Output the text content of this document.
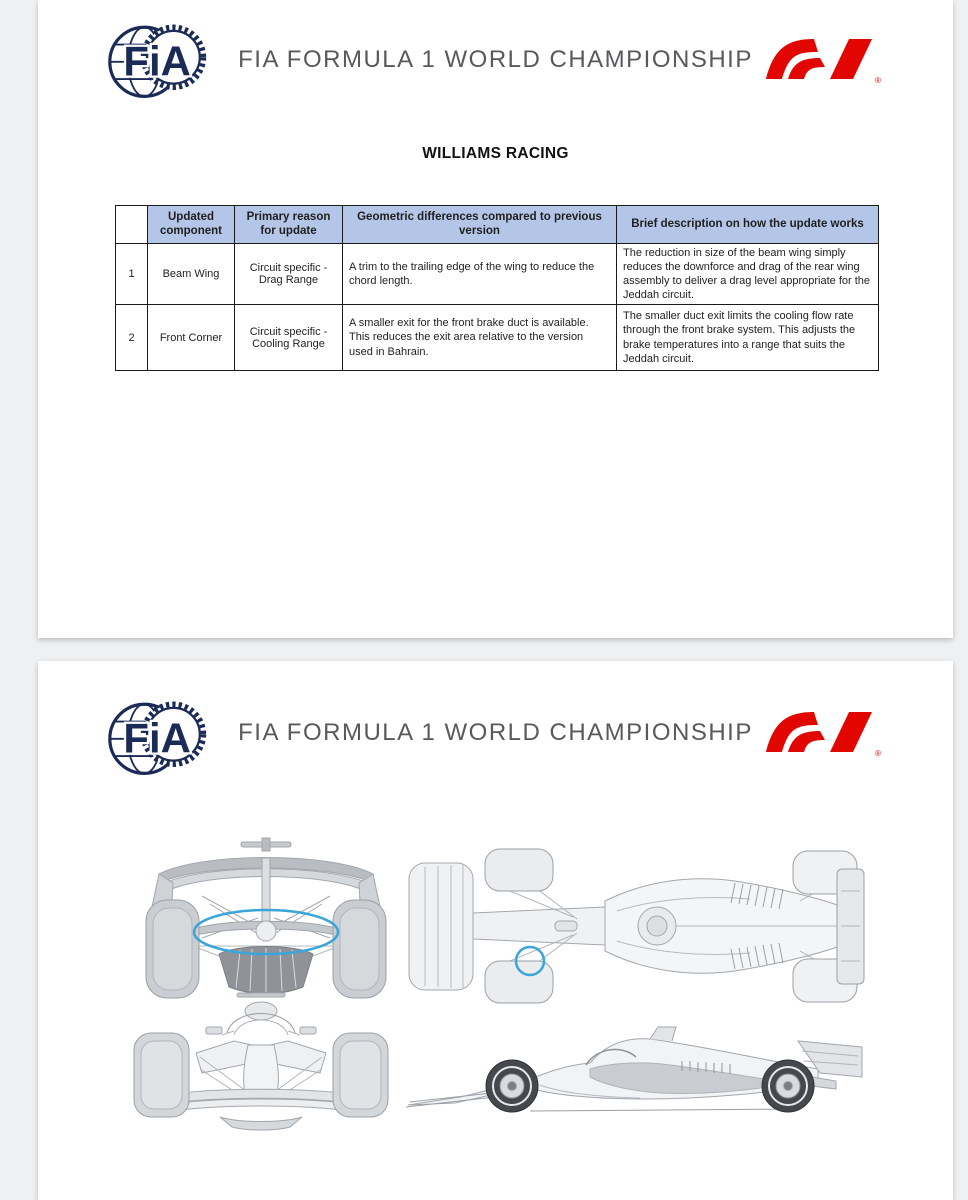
FiA	FIA FORMULA 1 WORLD CHAMPIONSHIP
®
WILLIAMS RACING
	Updated component	Primary reason for update	Geometric differences compared to previous version	Brief description on how the update works
1	Beam Wing	Circuit specific - Drag Range	A trim to the trailing edge of the wing to reduce the chord length.	The reduction in size of the beam wing simply reduces the downforce and drag of the rear wing assembly to deliver a drag level appropriate for the Jeddah circuit.
2	Front Corner	Circuit specific - Cooling Range	A smaller exit for the front brake duct is available. This reduces the exit area relative to the version used in Bahrain.	The smaller duct exit limits the cooling flow rate through the front brake system. This adjusts the brake temperatures into a range that suits the Jeddah circuit.
FiA	FIA FORMULA 1 WORLD CHAMPIONSHIP
®
